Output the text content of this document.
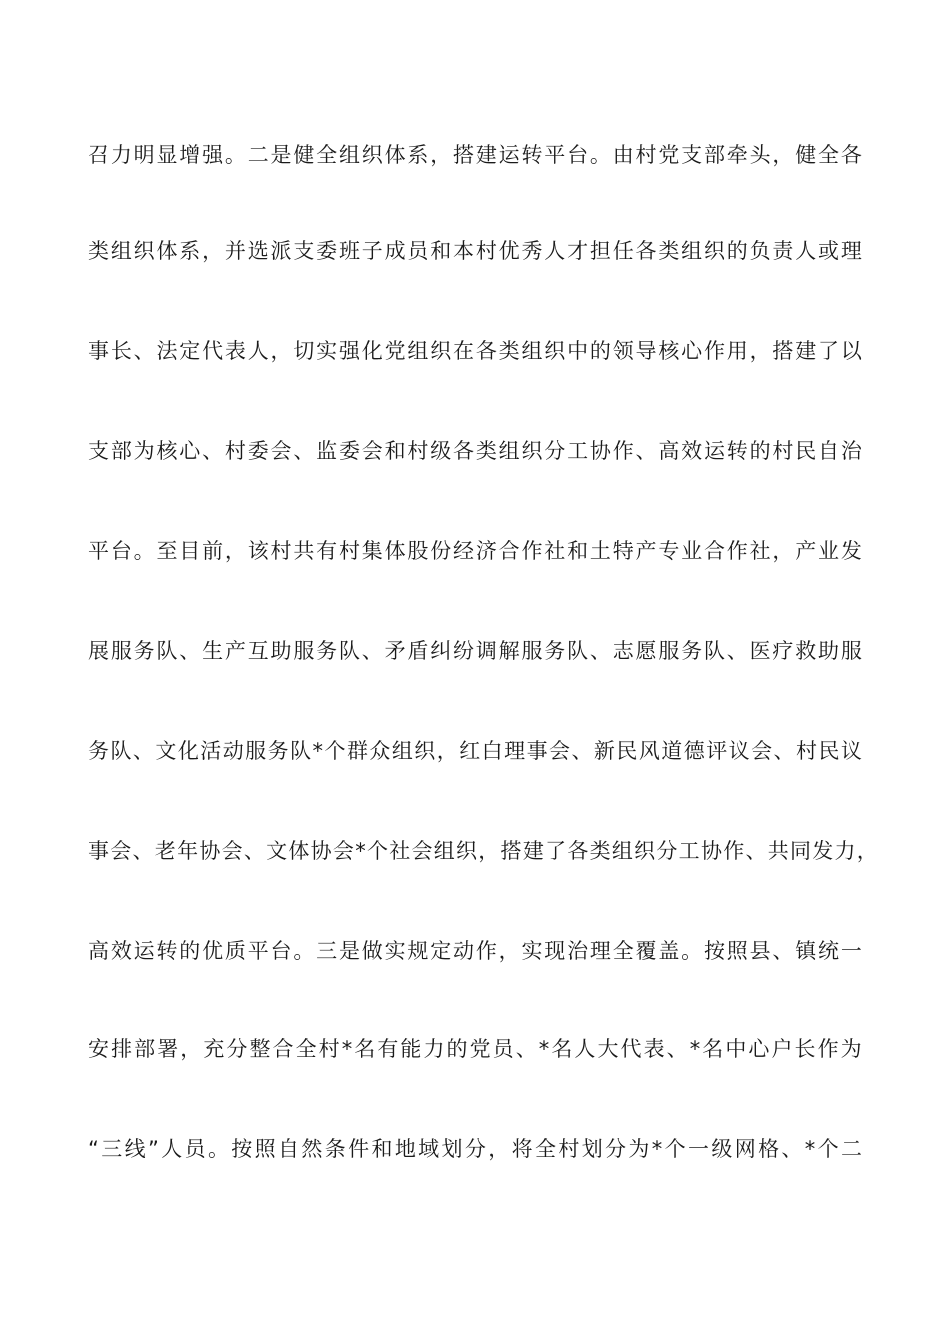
召 力 明 显 增 强 。 二 是 健 全 组 织 体 系 ， 搭 建 运 转 平 台 。 由 村 党 支 部 牵 头 ， 健 全 各
类 组 织 体 系 ， 并 选 派 支 委 班 子 成 员 和 本 村 优 秀 人 才 担 任 各 类 组 织 的 负 责 人 或 理
事 长 、 法 定 代 表 人 ， 切 实 强 化 党 组 织 在 各 类 组 织 中 的 领 导 核 心 作 用 ， 搭 建 了 以
支 部 为 核 心 、 村 委 会 、 监 委 会 和 村 级 各 类 组 织 分 工 协 作 、 高 效 运 转 的 村 民 自 治
平 台 。 至 目 前 ， 该 村 共 有 村 集 体 股 份 经 济 合 作 社 和 土 特 产 专 业 合 作 社 ， 产 业 发
展 服 务 队 、 生 产 互 助 服 务 队 、 矛 盾 纠 纷 调 解 服 务 队 、 志 愿 服 务 队 、 医 疗 救 助 服
务 队 、 文 化 活 动 服 务 队 * 个 群 众 组 织 ， 红 白 理 事 会 、 新 民 风 道 德 评 议 会 、 村 民 议
事 会 、 老 年 协 会 、 文 体 协 会 * 个 社 会 组 织 ， 搭 建 了 各 类 组 织 分 工 协 作 、 共 同 发 力 ，
高 效 运 转 的 优 质 平 台 。 三 是 做 实 规 定 动 作 ， 实 现 治 理 全 覆 盖 。 按 照 县 、 镇 统 一
安 排 部 署 ， 充 分 整 合 全 村 * 名 有 能 力 的 党 员 、 * 名 人 大 代 表 、 * 名 中 心 户 长 作 为
“ 三 线 ” 人 员 。 按 照 自 然 条 件 和 地 域 划 分 ， 将 全 村 划 分 为 * 个 一 级 网 格 、 * 个 二
